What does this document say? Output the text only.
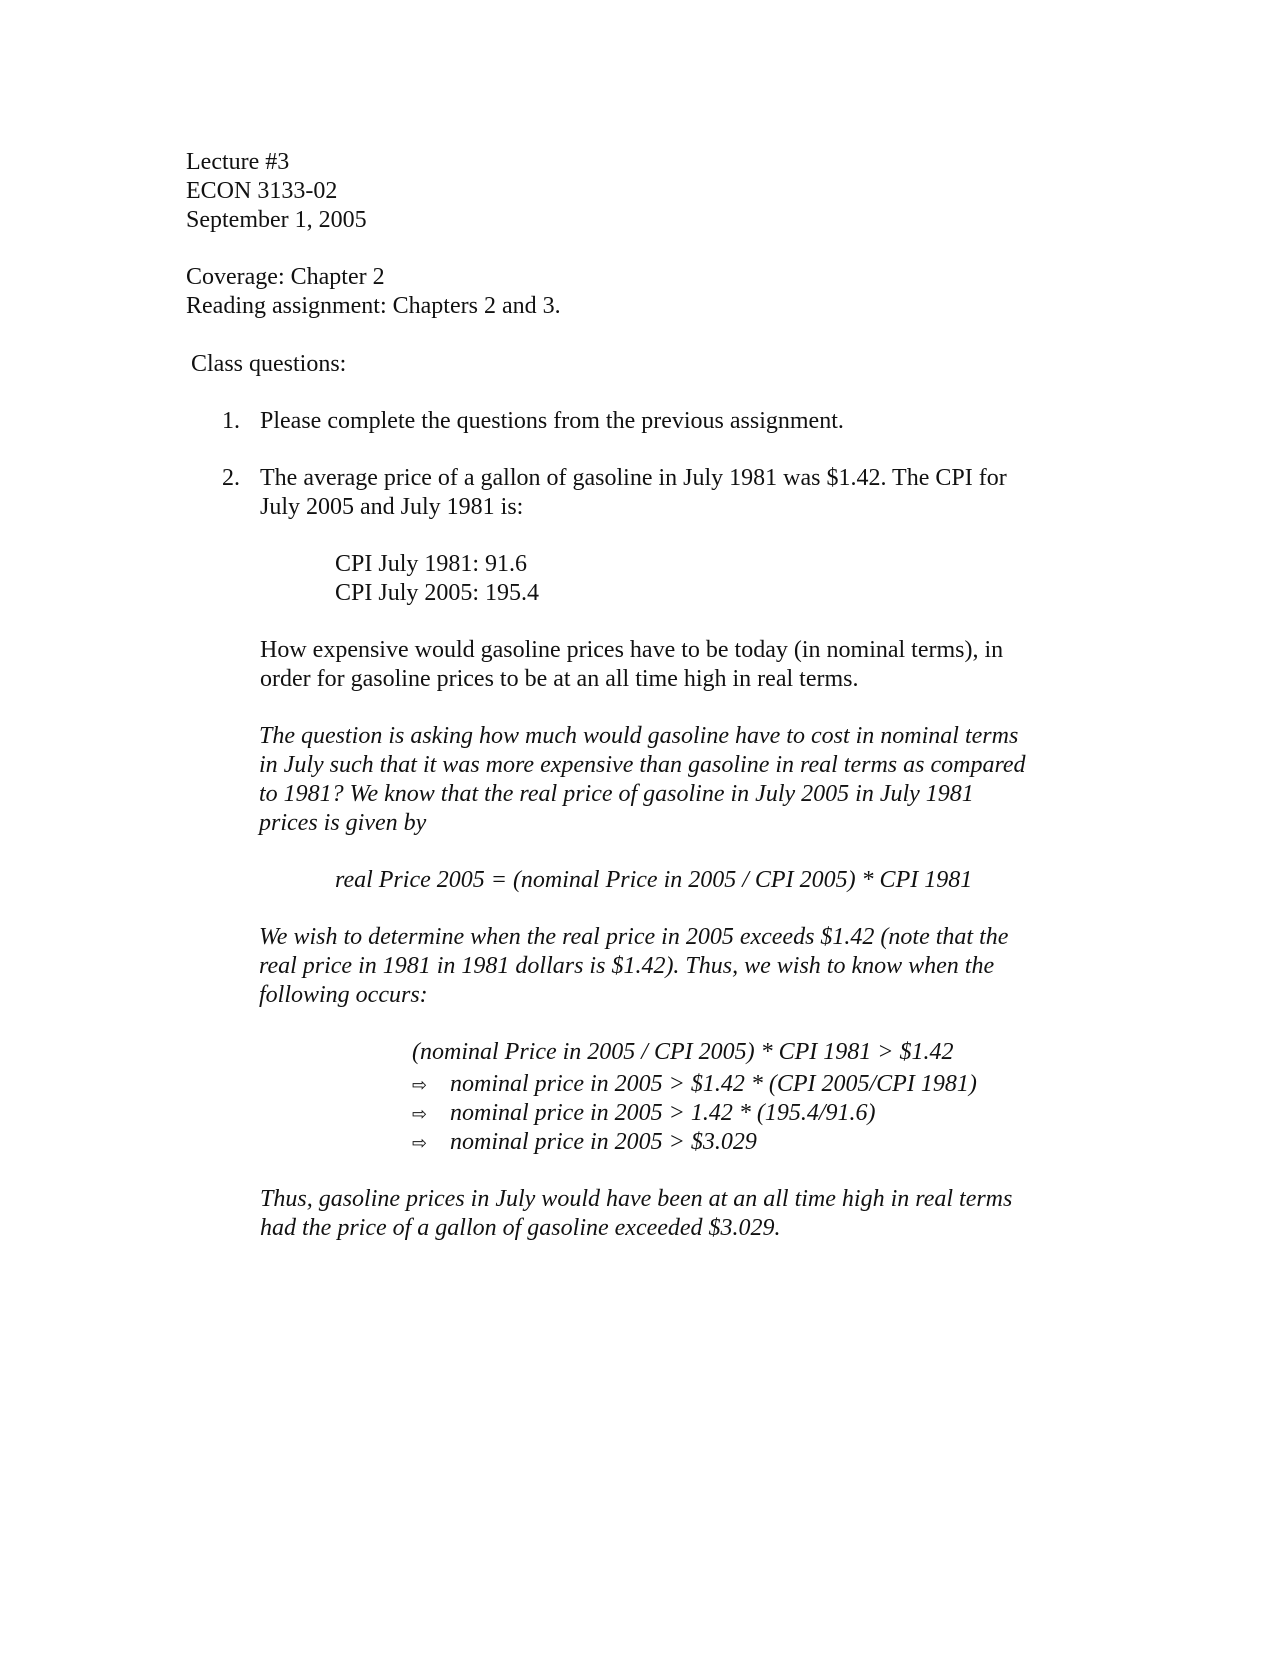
Lecture #3
ECON 3133-02
September 1, 2005
Coverage: Chapter 2
Reading assignment: Chapters 2 and 3.
Class questions:
1. Please complete the questions from the previous assignment.
2. The average price of a gallon of gasoline in July 1981 was $1.42. The CPI for
July 2005 and July 1981 is:
CPI July 1981: 91.6
CPI July 2005: 195.4
How expensive would gasoline prices have to be today (in nominal terms), in
order for gasoline prices to be at an all time high in real terms.
The question is asking how much would gasoline have to cost in nominal terms
in July such that it was more expensive than gasoline in real terms as compared
to 1981? We know that the real price of gasoline in July 2005 in July 1981
prices is given by
real Price 2005 = (nominal Price in 2005 / CPI 2005) * CPI 1981
We wish to determine when the real price in 2005 exceeds $1.42 (note that the
real price in 1981 in 1981 dollars is $1.42). Thus, we wish to know when the
following occurs:
(nominal Price in 2005 / CPI 2005) * CPI 1981 > $1.42
⇨ nominal price in 2005 > $1.42 * (CPI 2005/CPI 1981)
⇨ nominal price in 2005 > 1.42 * (195.4/91.6)
⇨ nominal price in 2005 > $3.029
Thus, gasoline prices in July would have been at an all time high in real terms
had the price of a gallon of gasoline exceeded $3.029.
